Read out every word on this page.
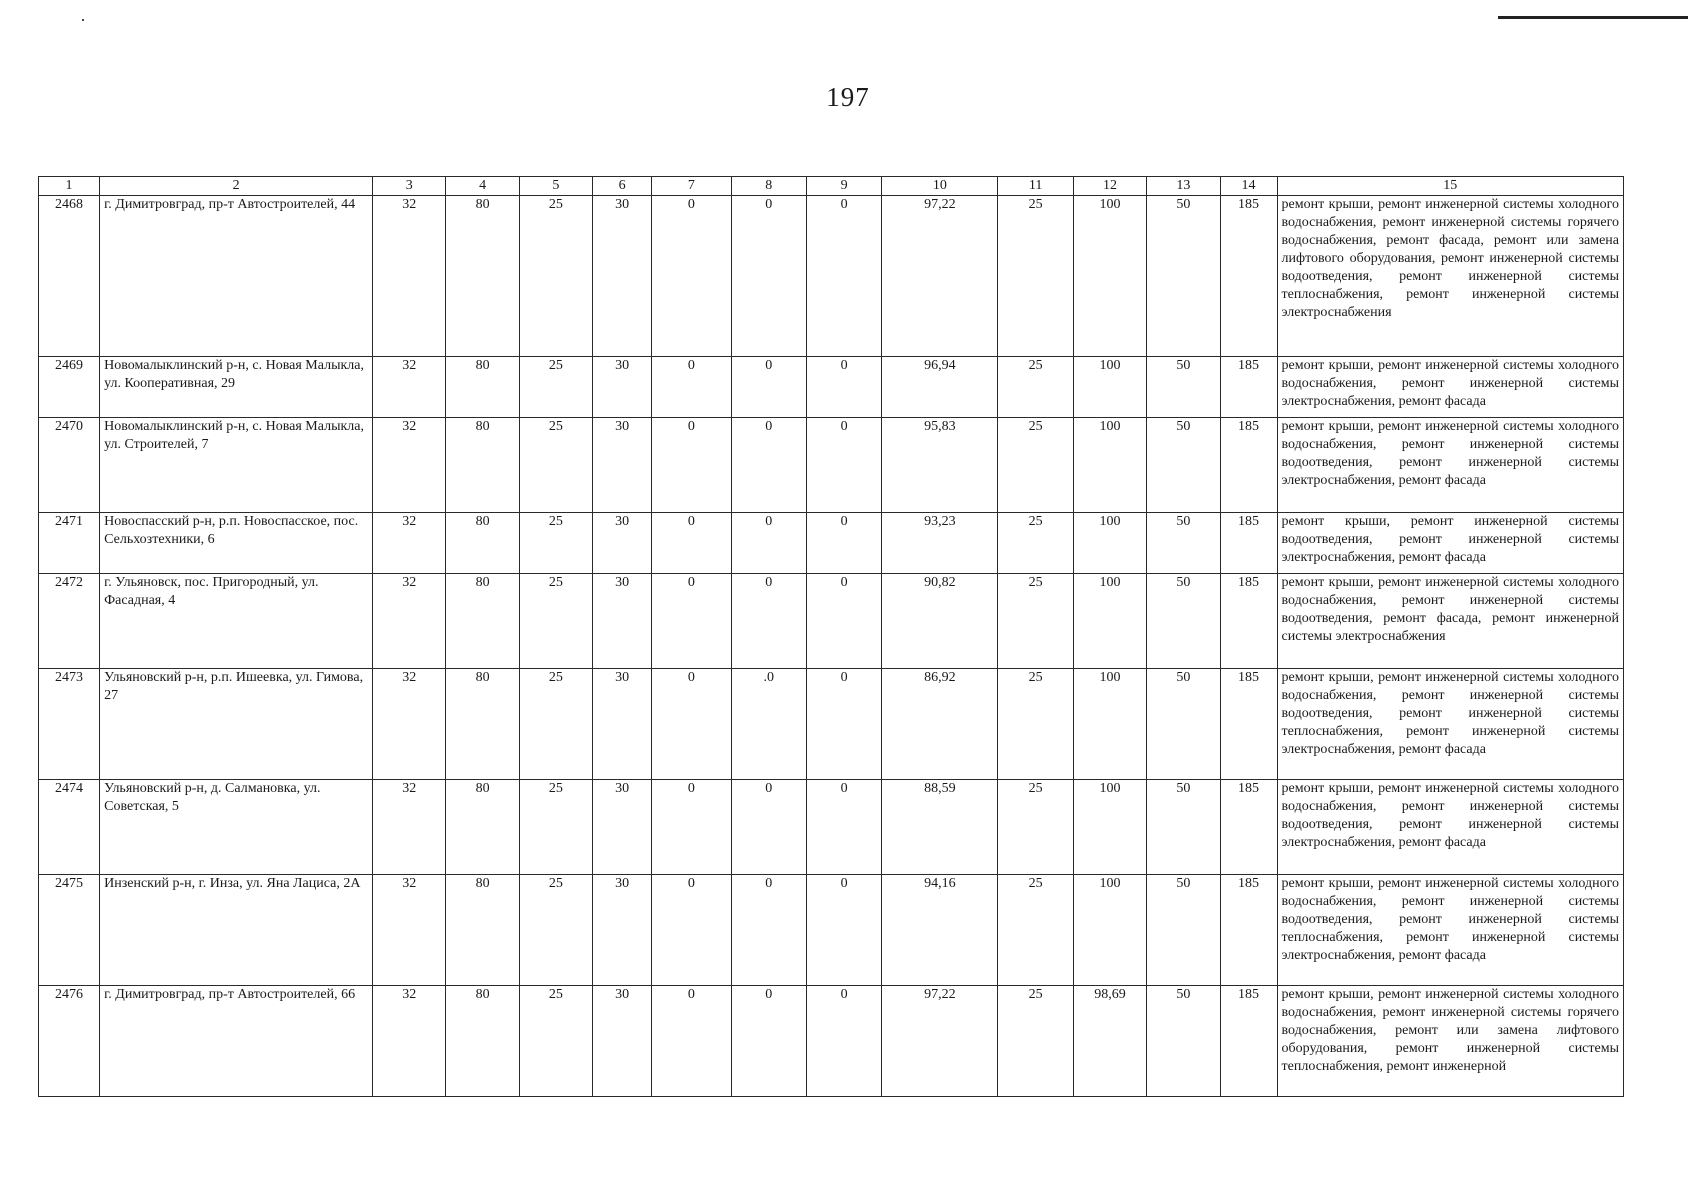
197
1	2	3	4	5	6	7	8	9	10	11	12	13	14	15
2468	г. Димитровград, пр-т Автостроителей, 44	32	80	25	30	0	0	0	97,22	25	100	50	185	ремонт крыши, ремонт инженерной системы холодного водоснабжения, ремонт инженерной системы горячего водоснабжения, ремонт фасада, ремонт или замена лифтового оборудования, ремонт инженерной системы водоотведения, ремонт инженерной системы теплоснабжения, ремонт инженерной системы электроснабжения
2469	Новомалыклинский р-н, с. Новая Малыкла, ул. Кооперативная, 29	32	80	25	30	0	0	0	96,94	25	100	50	185	ремонт крыши, ремонт инженерной системы холодного водоснабжения, ремонт инженерной системы электроснабжения, ремонт фасада
2470	Новомалыклинский р-н, с. Новая Малыкла, ул. Строителей, 7	32	80	25	30	0	0	0	95,83	25	100	50	185	ремонт крыши, ремонт инженерной системы холодного водоснабжения, ремонт инженерной системы водоотведения, ремонт инженерной системы электроснабжения, ремонт фасада
2471	Новоспасский р-н, р.п. Новоспасское, пос. Сельхозтехники, 6	32	80	25	30	0	0	0	93,23	25	100	50	185	ремонт крыши, ремонт инженерной системы водоотведения, ремонт инженерной системы электроснабжения, ремонт фасада
2472	г. Ульяновск, пос. Пригородный, ул. Фасадная, 4	32	80	25	30	0	0	0	90,82	25	100	50	185	ремонт крыши, ремонт инженерной системы холодного водоснабжения, ремонт инженерной системы водоотведения, ремонт фасада, ремонт инженерной системы электроснабжения
2473	Ульяновский р-н, р.п. Ишеевка, ул. Гимова, 27	32	80	25	30	0	.0	0	86,92	25	100	50	185	ремонт крыши, ремонт инженерной системы холодного водоснабжения, ремонт инженерной системы водоотведения, ремонт инженерной системы теплоснабжения, ремонт инженерной системы электроснабжения, ремонт фасада
2474	Ульяновский р-н, д. Салмановка, ул. Советская, 5	32	80	25	30	0	0	0	88,59	25	100	50	185	ремонт крыши, ремонт инженерной системы холодного водоснабжения, ремонт инженерной системы водоотведения, ремонт инженерной системы электроснабжения, ремонт фасада
2475	Инзенский р-н, г. Инза, ул. Яна Лациса, 2А	32	80	25	30	0	0	0	94,16	25	100	50	185	ремонт крыши, ремонт инженерной системы холодного водоснабжения, ремонт инженерной системы водоотведения, ремонт инженерной системы теплоснабжения, ремонт инженерной системы электроснабжения, ремонт фасада
2476	г. Димитровград, пр-т Автостроителей, 66	32	80	25	30	0	0	0	97,22	25	98,69	50	185	ремонт крыши, ремонт инженерной системы холодного водоснабжения, ремонт инженерной системы горячего водоснабжения, ремонт или замена лифтового оборудования, ремонт инженерной системы теплоснабжения, ремонт инженерной
